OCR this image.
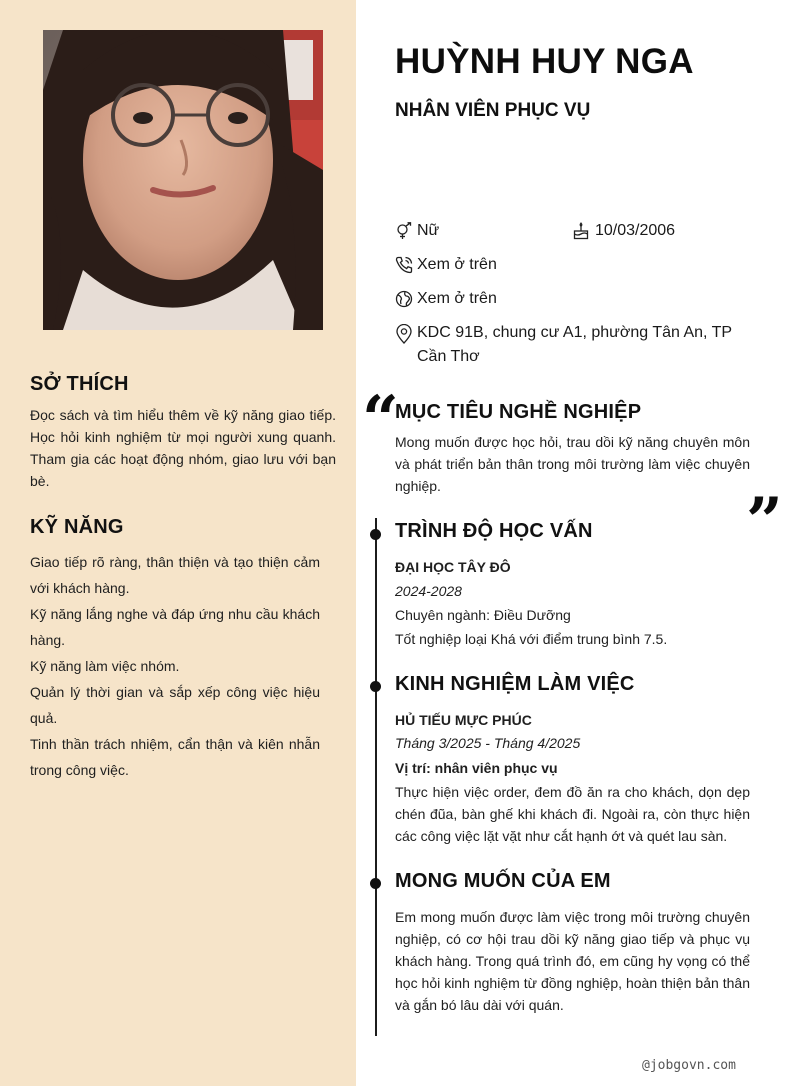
SỞ THÍCH
Đọc sách và tìm hiểu thêm về kỹ năng giao tiếp. Học hỏi kinh nghiệm từ mọi người xung quanh. Tham gia các hoạt động nhóm, giao lưu với bạn bè.
KỸ NĂNG
Giao tiếp rõ ràng, thân thiện và tạo thiện cảm với khách hàng.
Kỹ năng lắng nghe và đáp ứng nhu cầu khách hàng.
Kỹ năng làm việc nhóm.
Quản lý thời gian và sắp xếp công việc hiệu quả.
Tinh thần trách nhiệm, cẩn thận và kiên nhẫn trong công việc.
HUỲNH HUY NGA
NHÂN VIÊN PHỤC VỤ
Nữ	10/03/2006
Xem ở trên
Xem ở trên
KDC 91B, chung cư A1, phường Tân An, TP Cần Thơ
“
”
MỤC TIÊU NGHỀ NGHIỆP
Mong muốn được học hỏi, trau dồi kỹ năng chuyên môn và phát triển bản thân trong môi trường làm việc chuyên nghiệp.
TRÌNH ĐỘ HỌC VẤN
ĐẠI HỌC TÂY ĐÔ
2024-2028
Chuyên ngành: Điều Dưỡng
Tốt nghiệp loại Khá với điểm trung bình 7.5.
KINH NGHIỆM LÀM VIỆC
HỦ TIẾU MỰC PHÚC
Tháng 3/2025 - Tháng 4/2025
Vị trí: nhân viên phục vụ
Thực hiện việc order, đem đồ ăn ra cho khách, dọn dẹp chén đũa, bàn ghế khi khách đi. Ngoài ra, còn thực hiện các công việc lặt vặt như cắt hạnh ớt và quét lau sàn.
MONG MUỐN CỦA EM
Em mong muốn được làm việc trong môi trường chuyên nghiệp, có cơ hội trau dồi kỹ năng giao tiếp và phục vụ khách hàng. Trong quá trình đó, em cũng hy vọng có thể học hỏi kinh nghiệm từ đồng nghiệp, hoàn thiện bản thân và gắn bó lâu dài với quán.
@jobgovn.com
